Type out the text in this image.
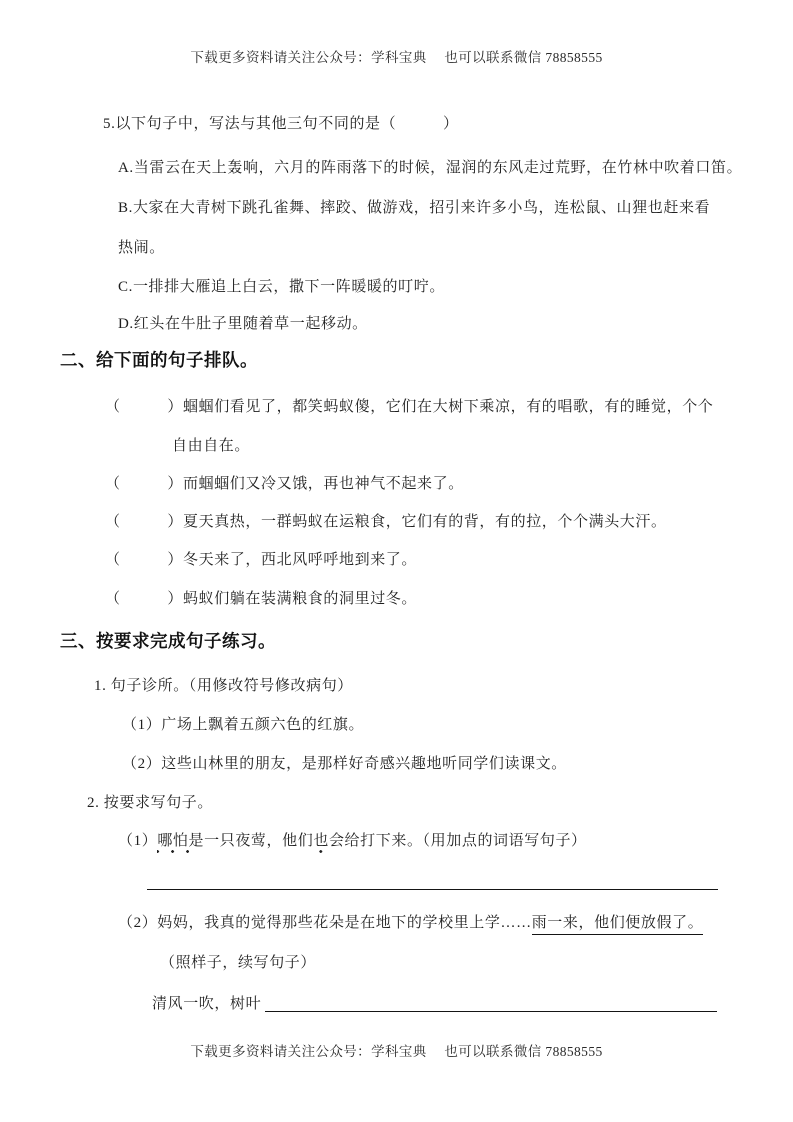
下载更多资料请关注公众号：学科宝典　 也可以联系微信 78858555
5.以下句子中，写法与其他三句不同的是（　　　）
A.当雷云在天上轰响，六月的阵雨落下的时候，湿润的东风走过荒野，在竹林中吹着口笛。
B.大家在大青树下跳孔雀舞、摔跤、做游戏，招引来许多小鸟，连松鼠、山狸也赶来看
热闹。
C.一排排大雁追上白云，撒下一阵暖暖的叮咛。
D.红头在牛肚子里随着草一起移动。
二、给下面的句子排队。
（　　　）蝈蝈们看见了，都笑蚂蚁傻，它们在大树下乘凉，有的唱歌，有的睡觉，个个
自由自在。
（　　　）而蝈蝈们又冷又饿，再也神气不起来了。
（　　　）夏天真热，一群蚂蚁在运粮食，它们有的背，有的拉，个个满头大汗。
（　　　）冬天来了，西北风呼呼地到来了。
（　　　）蚂蚁们躺在装满粮食的洞里过冬。
三、按要求完成句子练习。
1. 句子诊所。（用修改符号修改病句）
（1）广场上飘着五颜六色的红旗。
（2）这些山林里的朋友，是那样好奇感兴趣地听同学们读课文。
2. 按要求写句子。
（1）哪怕是一只夜莺，他们也会给打下来。（用加点的词语写句子）
（2）妈妈，我真的觉得那些花朵是在地下的学校里上学……雨一来，他们便放假了。
（照样子，续写句子）
清风一吹，树叶
下载更多资料请关注公众号：学科宝典　 也可以联系微信 78858555
